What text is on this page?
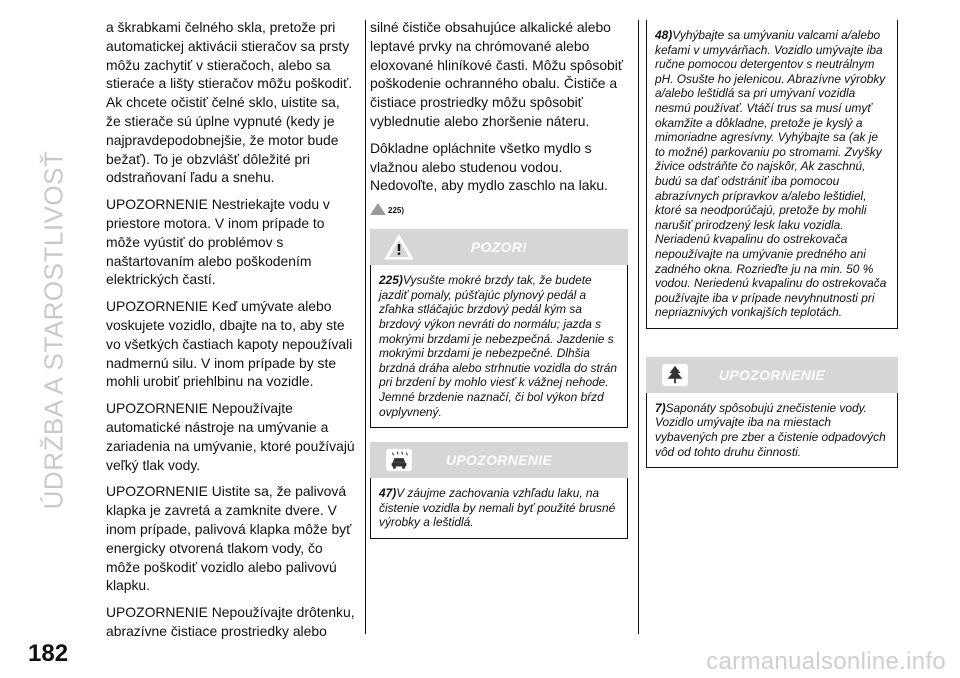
ÚDRŽBA A STAROSTLIVOSŤ

a škrabkami čelného skla, pretože pri automatickej aktivácii stieračov sa prsty môžu zachytiť v stieračoch, alebo sa stieraće a lišty stieračov môžu poškodiť. Ak chcete očistiť čelné sklo, uistite sa, že stierače sú úplne vypnuté (kedy je najpravdepodobnejšie, že motor bude bežať). To je obzvlášť dôležité pri odstraňovaní ľadu a snehu.

UPOZORNENIE Nestriekajte vodu v priestore motora. V inom prípade to môže vyústiť do problémov s naštartovaním alebo poškodením elektrických častí.

UPOZORNENIE Keď umývate alebo voskujete vozidlo, dbajte na to, aby ste vo všetkých častiach kapoty nepoužívali nadmernú silu. V inom prípade by ste mohli urobiť priehlbinu na vozidle.

UPOZORNENIE Nepoužívajte automatické nástroje na umývanie a zariadenia na umývanie, ktoré používajú veľký tlak vody.

UPOZORNENIE Uistite sa, že palivová klapka je zavretá a zamknite dvere. V inom prípade, palivová klapka môže byť energicky otvorená tlakom vody, čo môže poškodiť vozidlo alebo palivovú klapku.

UPOZORNENIE Nepoužívajte drôtenku, abrazívne čistiace prostriedky alebo

silné čističe obsahujúce alkalické alebo leptavé prvky na chrómované alebo eloxované hliníkové časti. Môžu spôsobiť poškodenie ochranného obalu. Čističe a čistiace prostriedky môžu spôsobiť vyblednutie alebo zhoršenie náteru.

Dôkladne opláchnite všetko mydlo s vlažnou alebo studenou vodou. Nedovoľte, aby mydlo zaschlo na laku.

225)
POZOR!
225)Vysušte mokré brzdy tak, že budete jazdiť pomaly, púšťajúc plynový pedál a zľahka stláčajúc brzdový pedál kým sa brzdový výkon nevráti do normálu; jazda s mokrými brzdami je nebezpečná. Jazdenie s mokrými brzdami je nebezpečné. Dlhšia brzdná dráha alebo strhnutie vozidla do strán pri brzdení by mohlo viesť k vážnej nehode. Jemné brzdenie naznačí, či bol výkon bŕzd ovplyvnený.
UPOZORNENIE
47)V záujme zachovania vzhľadu laku, na čistenie vozidla by nemali byť použité brusné výrobky a leštidlá.
48)Vyhýbajte sa umývaniu valcami a/alebo kefami v umyvárňach. Vozidlo umývajte iba ručne pomocou detergentov s neutrálnym pH. Osušte ho jelenicou. Abrazívne výrobky a/alebo leštidlá sa pri umývaní vozidla nesmú používať. Vtáčí trus sa musí umyť okamžite a dôkladne, pretože je kyslý a mimoriadne agresívny. Vyhýbajte sa (ak je to možné) parkovaniu po stromami. Zvyšky živice odstráňte čo najskôr, Ak zaschnú, budú sa dať odstrániť iba pomocou abrazívnych prípravkov a/alebo leštidiel, ktoré sa neodporúčajú, pretože by mohli narušiť prirodzený lesk laku vozidla. Neriadenú kvapalinu do ostrekovača nepoužívajte na umývanie predného ani zadného okna. Rozrieďte ju na min. 50 % vodou. Neriedenú kvapalinu do ostrekovača používajte iba v prípade nevyhnutnosti pri nepriaznivých vonkajších teplotách.
UPOZORNENIE
7)Saponáty spôsobujú znečistenie vody. Vozidlo umývajte iba na miestach vybavených pre zber a čistenie odpadových vôd od tohto druhu činnosti.
182	carmanualsonline.info
